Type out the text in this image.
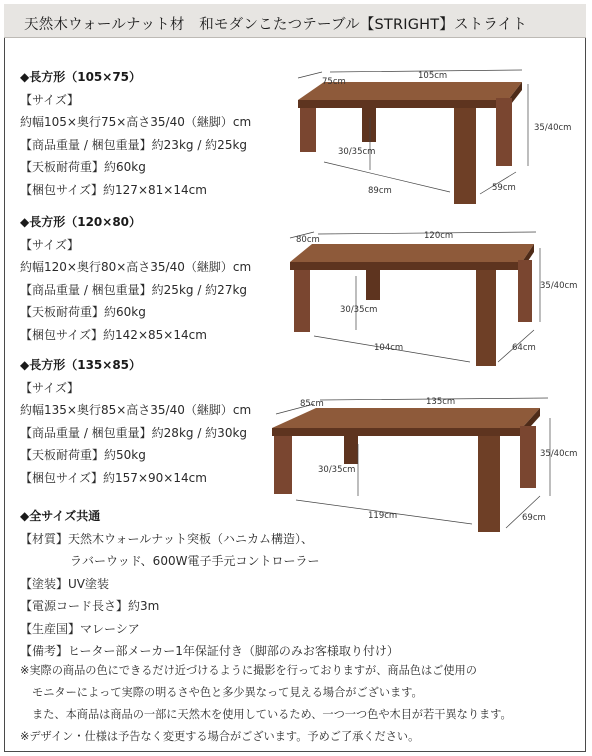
天然木ウォールナット材　和モダンこたつテーブル【STRIGHT】ストライト
◆長方形（105×75）
【サイズ】
約幅105×奥行75×高さ35/40（継脚）cm
【商品重量 / 梱包重量】約23kg / 約25kg
【天板耐荷重】約60kg
【梱包サイズ】約127×81×14cm
◆長方形（120×80）
【サイズ】
約幅120×奥行80×高さ35/40（継脚）cm
【商品重量 / 梱包重量】約25kg / 約27kg
【天板耐荷重】約60kg
【梱包サイズ】約142×85×14cm
◆長方形（135×85）
【サイズ】
約幅135×奥行85×高さ35/40（継脚）cm
【商品重量 / 梱包重量】約28kg / 約30kg
【天板耐荷重】約50kg
【梱包サイズ】約157×90×14cm
75cm
105cm
35/40cm
30/35cm
89cm	59cm
80cm	120cm
35/40cm
30/35cm
104cm	64cm
85cm	135cm
35/40cm
30/35cm
119cm	69cm
◆全サイズ共通
【材質】天然木ウォールナット突板（ハニカム構造）、
ラバーウッド、600W電子手元コントローラー
【塗装】UV塗装
【電源コード長さ】約3m
【生産国】マレーシア
【備考】ヒーター部メーカー1年保証付き（脚部のみお客様取り付け）
※実際の商品の色にできるだけ近づけるように撮影を行っておりますが、商品色はご使用の
モニターによって実際の明るさや色と多少異なって見える場合がございます。
また、本商品は商品の一部に天然木を使用しているため、一つ一つ色や木目が若干異なります。
※デザイン・仕様は予告なく変更する場合がございます。予めご了承ください。
